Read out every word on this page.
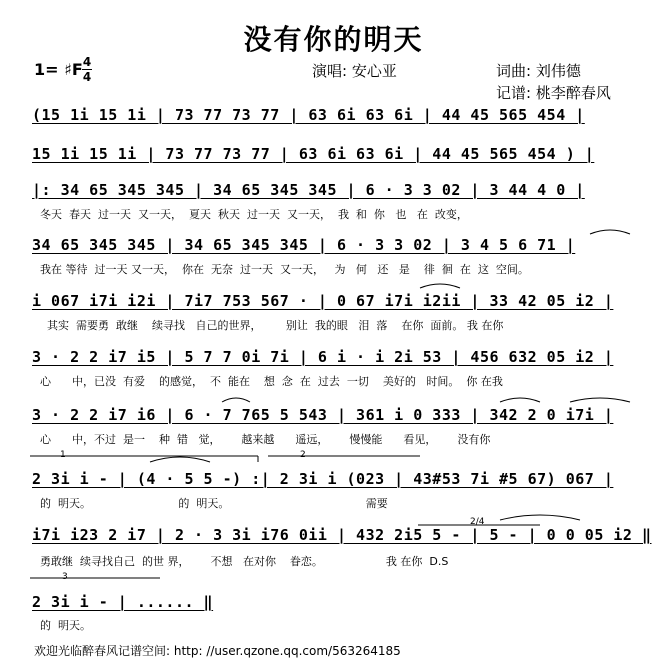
没有你的明天
1= ♯F 4
4	演唱: 安心亚	词曲: 刘伟德
记谱: 桃李醉春风
(15 1i 15 1i | 73 77 73 77 | 63 6i 63 6i | 44 45 565 454 |
15 1i 15 1i | 73 77 73 77 | 63 6i 63 6i | 44 45 565 454 ) |
|: 34 65 345 345 | 34 65 345 345 | 6 · 3 3 02 | 3 44 4 0 |
冬天  春天  过一天  又一天，  夏天  秋天  过一天  又一天，  我  和  你   也   在  改变，
34 65 345 345 | 34 65 345 345 | 6 · 3 3 02 | 3 4 5 6 71 |
我在 等待  过一天 又一天，  你在  无奈  过一天  又一天，   为   何   还   是    徘  徊  在  这  空间。
i 067 i7i i2i | 7i7 753 567 · | 0 67 i7i i2ii | 33 42 05 i2 |
其实  需要勇  敢继    续寻找   自己的世界，       别让  我的眼   泪  落    在你  面前。 我 在你
3 · 2 2 i7 i5 | 5 7 7 0i 7i | 6 i · i 2i 53 | 456 632 05 i2 |
心      中，已没  有爱    的感觉，  不  能在    想  念  在  过去  一切    美好的   时间。  你 在我
3 · 2 2 i7 i6 | 6 · 7 765 5 543 | 361 i 0 333 | 342 2 0 i7i |
心      中，不过  是一    种  错   觉，      越来越      遥远，      慢慢能      看见，      没有你
2 3i i - | (4 · 5 5 -) :| 2 3i i (023 | 43#53 7i #5 67) 067 |
的  明天。                         的  明天。                                       需要
i7i i23 2 i7 | 2 · 3 3i i76 0ii | 432 2i5 5 - | 5 - | 0 0 05 i2 ‖
勇敢继  续寻找自己  的世 界，      不想   在对你    眷恋。                  我 在你  D.S
2 3i i - | ...... ‖
的  明天。
1	2
3
2/4
欢迎光临醉春风记谱空间: http: //user.qzone.qq.com/563264185
